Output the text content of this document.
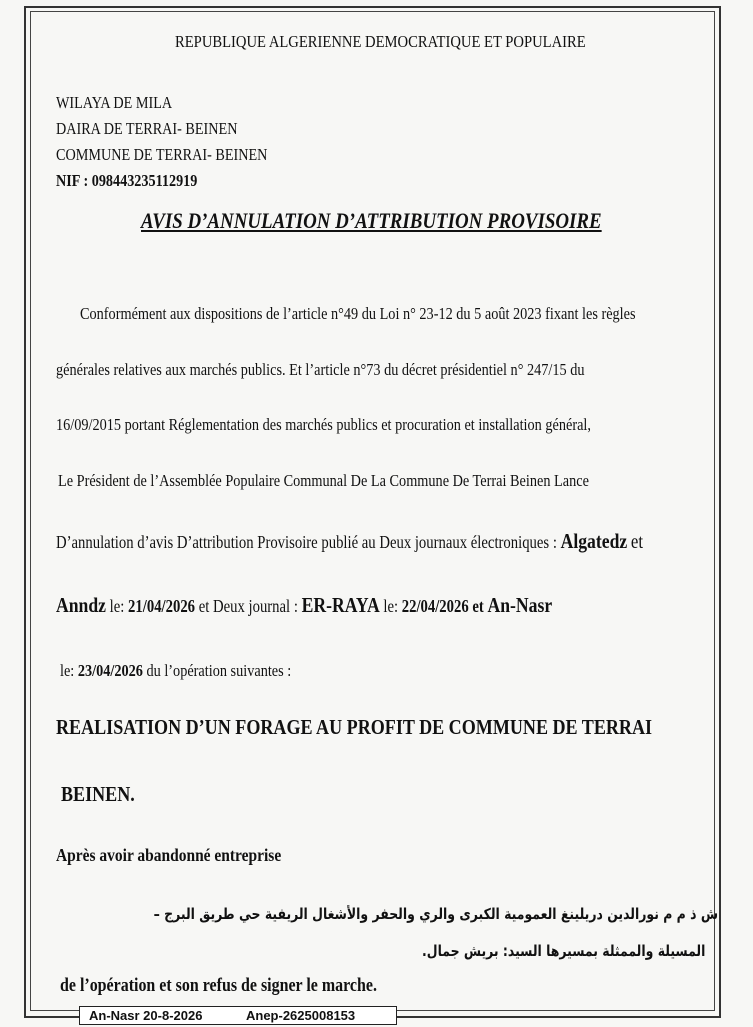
REPUBLIQUE ALGERIENNE DEMOCRATIQUE ET POPULAIRE
WILAYA DE MILA
DAIRA DE TERRAI- BEINEN
COMMUNE DE TERRAI- BEINEN
NIF : 098443235112919
AVIS D’ANNULATION D’ATTRIBUTION PROVISOIRE
Conformément aux dispositions de l’article n°49 du Loi n° 23-12 du 5 août 2023 fixant les règles
générales relatives aux marchés publics. Et l’article n°73 du décret présidentiel n° 247/15 du
16/09/2015 portant Réglementation des marchés publics et procuration et installation général,
Le Président de l’Assemblée Populaire Communal De La Commune De Terrai Beinen Lance
D’annulation d’avis D’attribution Provisoire publié au Deux journaux électroniques : Algatedz et
Anndz le: 21/04/2026 et Deux journal : ER-RAYA le: 22/04/2026 et An-Nasr
le: 23/04/2026 du l’opération suivantes :
REALISATION D’UN FORAGE AU PROFIT DE COMMUNE DE TERRAI
BEINEN.
Après avoir abandonné entreprise
ش ذ م م نورالدين دريلينغ العمومية الكبرى والري والحفر والأشغال الريفية حي طريق البرج –
المسيلة والممثلة بمسيرها السيد: بريش جمال.
de l’opération et son refus de signer le marche.
An-Nasr 20-8-2026	Anep-2625008153
